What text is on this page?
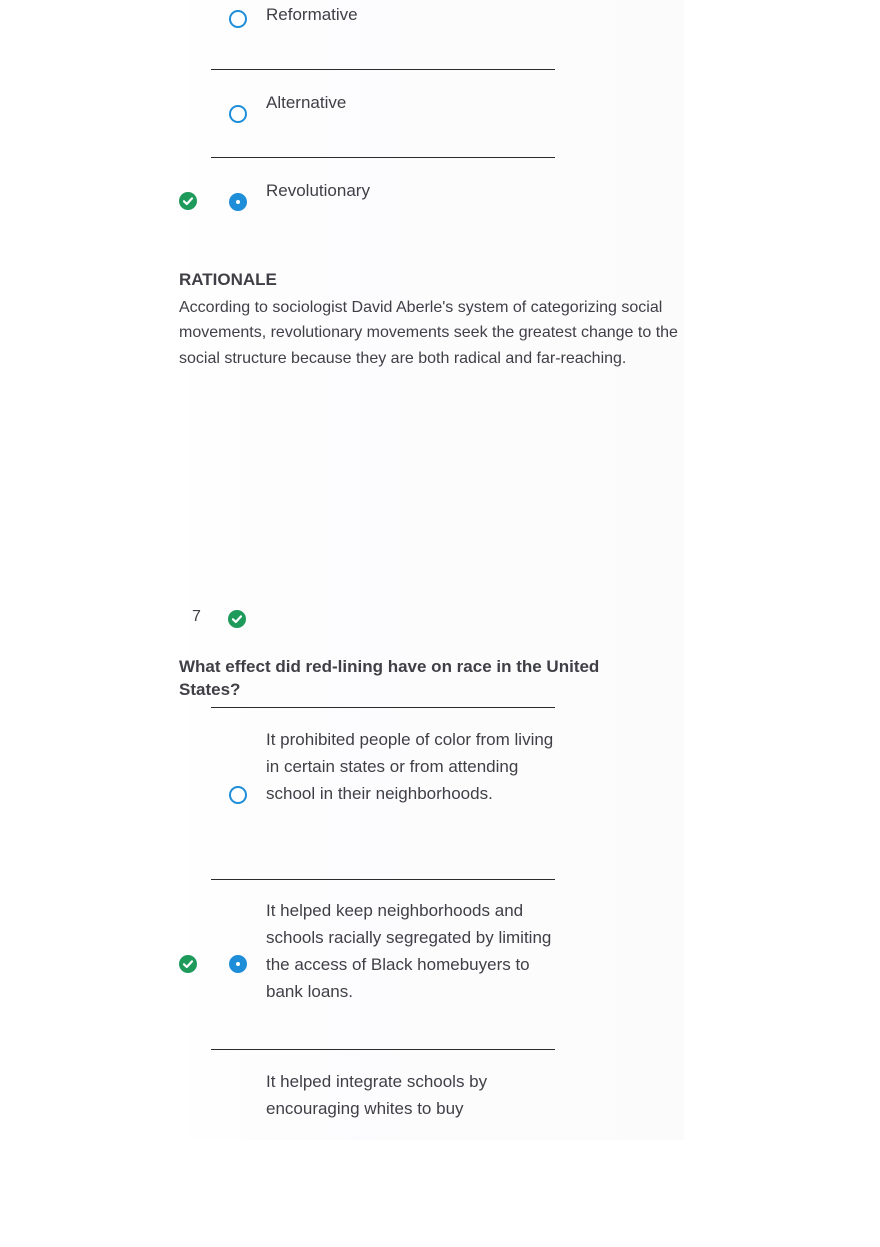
Reformative

Alternative

Revolutionary

RATIONALE

According to sociologist David Aberle's system of categorizing social movements, revolutionary movements seek the greatest change to the social structure because they are both radical and far-reaching.

7

What effect did red-lining have on race in the United States?

It prohibited people of color from living in certain states or from attending school in their neighborhoods.

It helped keep neighborhoods and schools racially segregated by limiting the access of Black homebuyers to bank loans.

It helped integrate schools by encouraging whites to buy
